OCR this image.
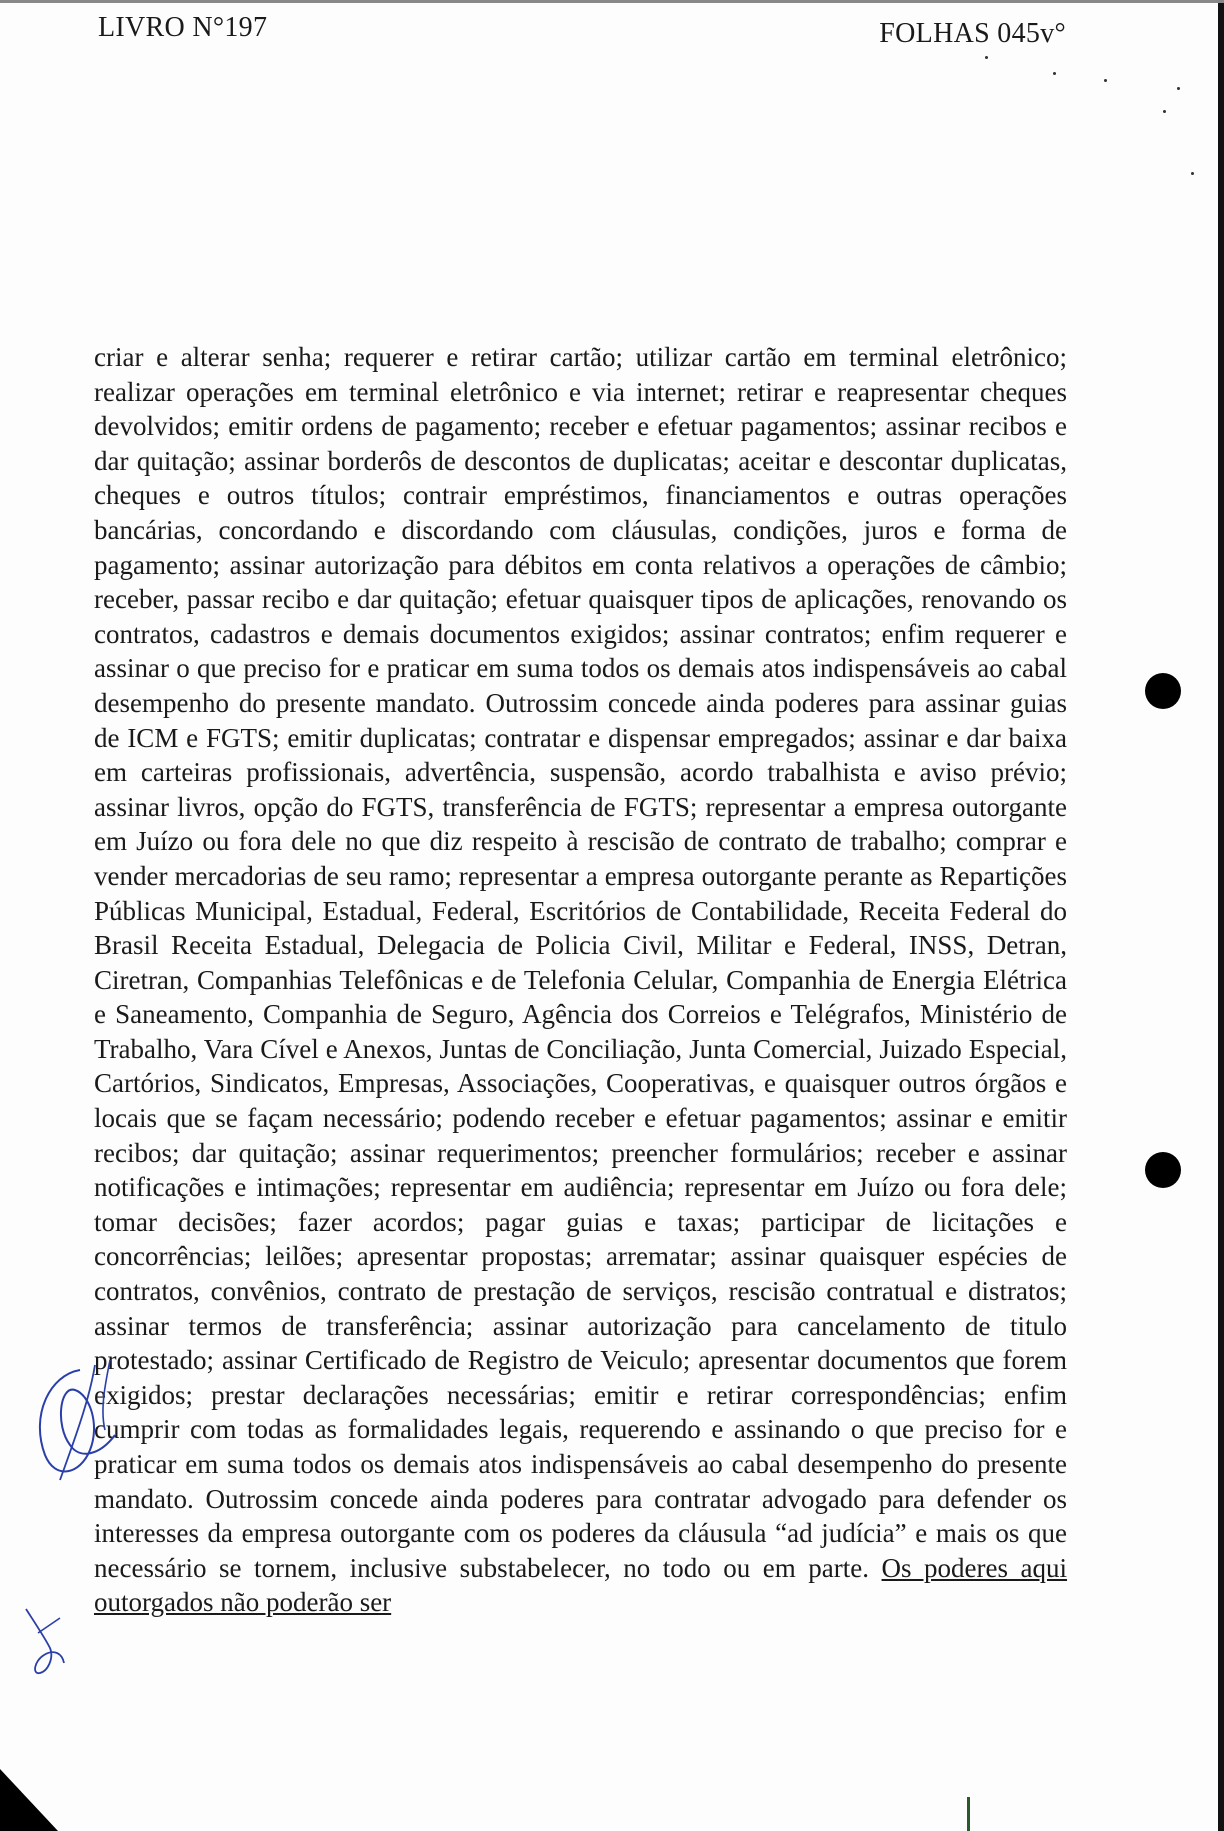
LIVRO N°197	FOLHAS 045v°
criar e alterar senha; requerer e retirar cartão; utilizar cartão em terminal eletrônico; realizar operações em terminal eletrônico e via internet; retirar e reapresentar cheques devolvidos; emitir ordens de pagamento; receber e efetuar pagamentos; assinar recibos e dar quitação; assinar borderôs de descontos de duplicatas; aceitar e descontar duplicatas, cheques e outros títulos; contrair empréstimos, financiamentos e outras operações bancárias, concordando e discordando com cláusulas, condições, juros e forma de pagamento; assinar autorização para débitos em conta relativos a operações de câmbio; receber, passar recibo e dar quitação; efetuar quaisquer tipos de aplicações, renovando os contratos, cadastros e demais documentos exigidos; assinar contratos; enfim requerer e assinar o que preciso for e praticar em suma todos os demais atos indispensáveis ao cabal desempenho do presente mandato. Outrossim concede ainda poderes para assinar guias de ICM e FGTS; emitir duplicatas; contratar e dispensar empregados; assinar e dar baixa em carteiras profissionais, advertência, suspensão, acordo trabalhista e aviso prévio; assinar livros, opção do FGTS, transferência de FGTS; representar a empresa outorgante em Juízo ou fora dele no que diz respeito à rescisão de contrato de trabalho; comprar e vender mercadorias de seu ramo; representar a empresa outorgante perante as Repartições Públicas Municipal, Estadual, Federal, Escritórios de Contabilidade, Receita Federal do Brasil Receita Estadual, Delegacia de Policia Civil, Militar e Federal, INSS, Detran, Ciretran, Companhias Telefônicas e de Telefonia Celular, Companhia de Energia Elétrica e Saneamento, Companhia de Seguro, Agência dos Correios e Telégrafos, Ministério de Trabalho, Vara Cível e Anexos, Juntas de Conciliação, Junta Comercial, Juizado Especial, Cartórios, Sindicatos, Empresas, Associações, Cooperativas, e quaisquer outros órgãos e locais que se façam necessário; podendo receber e efetuar pagamentos; assinar e emitir recibos; dar quitação; assinar requerimentos; preencher formulários; receber e assinar notificações e intimações; representar em audiência; representar em Juízo ou fora dele; tomar decisões; fazer acordos; pagar guias e taxas; participar de licitações e concorrências; leilões; apresentar propostas; arrematar; assinar quaisquer espécies de contratos, convênios, contrato de prestação de serviços, rescisão contratual e distratos; assinar termos de transferência; assinar autorização para cancelamento de titulo protestado; assinar Certificado de Registro de Veiculo; apresentar documentos que forem exigidos; prestar declarações necessárias; emitir e retirar correspondências; enfim cumprir com todas as formalidades legais, requerendo e assinando o que preciso for e praticar em suma todos os demais atos indispensáveis ao cabal desempenho do presente mandato. Outrossim concede ainda poderes para contratar advogado para defender os interesses da empresa outorgante com os poderes da cláusula “ad judícia” e mais os que necessário se tornem, inclusive substabelecer, no todo ou em parte. Os poderes aqui outorgados não poderão ser
